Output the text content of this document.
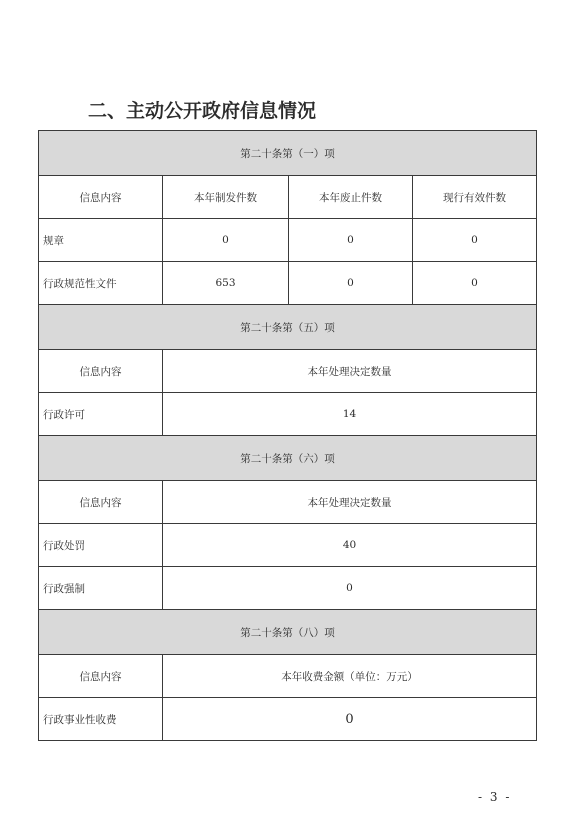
二、主动公开政府信息情况
第二十条第（一）项			
信息内容	本年制发件数	本年废止件数	现行有效件数
规章	0	0	0
行政规范性文件	653	0	0
第二十条第（五）项			
信息内容	本年处理决定数量		
行政许可	14		
第二十条第（六）项			
信息内容	本年处理决定数量		
行政处罚	40		
行政强制	0		
第二十条第（八）项			
信息内容	本年收费金额（单位：万元）		
行政事业性收费	0		
- 3 -
